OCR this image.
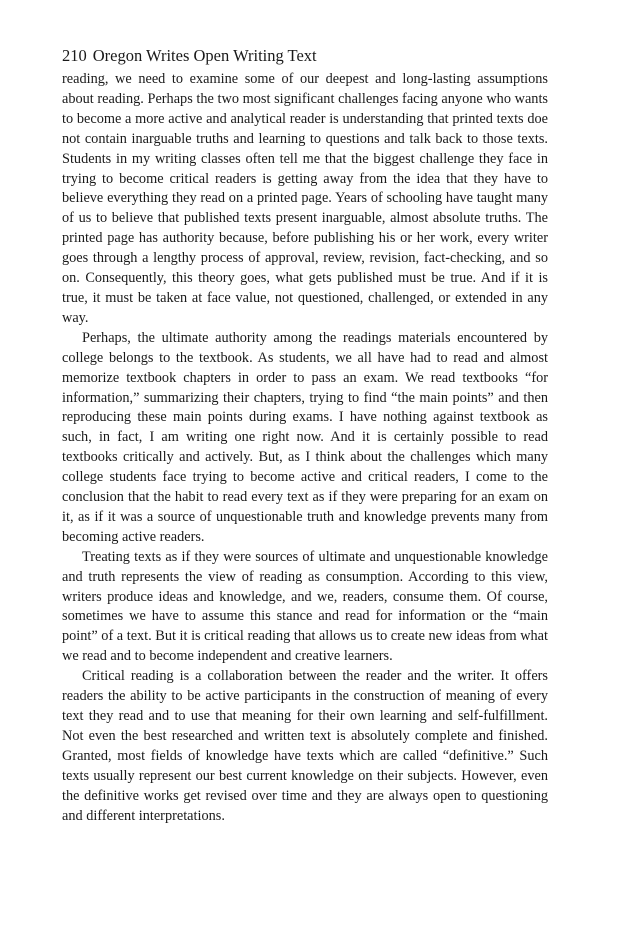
210 Oregon Writes Open Writing Text

reading, we need to examine some of our deepest and long-lasting assumptions about reading. Perhaps the two most significant challenges facing anyone who wants to become a more active and analytical reader is understanding that printed texts doe not contain inarguable truths and learning to questions and talk back to those texts. Students in my writing classes often tell me that the biggest challenge they face in trying to become critical readers is getting away from the idea that they have to believe everything they read on a printed page. Years of schooling have taught many of us to believe that published texts present inarguable, almost absolute truths. The printed page has authority because, before publishing his or her work, every writer goes through a lengthy process of approval, review, revision, fact-checking, and so on. Consequently, this theory goes, what gets published must be true. And if it is true, it must be taken at face value, not questioned, challenged, or extended in any way.

Perhaps, the ultimate authority among the readings materials encountered by college belongs to the textbook. As students, we all have had to read and almost memorize textbook chapters in order to pass an exam. We read textbooks “for information,” summarizing their chapters, trying to find “the main points” and then reproducing these main points during exams. I have nothing against textbook as such, in fact, I am writing one right now. And it is certainly possible to read textbooks critically and actively. But, as I think about the challenges which many college students face trying to become active and critical readers, I come to the conclusion that the habit to read every text as if they were preparing for an exam on it, as if it was a source of unquestionable truth and knowledge prevents many from becoming active readers.

Treating texts as if they were sources of ultimate and unquestionable knowledge and truth represents the view of reading as consumption. According to this view, writers produce ideas and knowledge, and we, readers, consume them. Of course, sometimes we have to assume this stance and read for information or the “main point” of a text. But it is critical reading that allows us to create new ideas from what we read and to become independent and creative learners.

Critical reading is a collaboration between the reader and the writer. It offers readers the ability to be active participants in the construction of meaning of every text they read and to use that meaning for their own learning and self-fulfillment. Not even the best researched and written text is absolutely complete and finished. Granted, most fields of knowledge have texts which are called “definitive.” Such texts usually represent our best current knowledge on their subjects. However, even the definitive works get revised over time and they are always open to questioning and different interpretations.
